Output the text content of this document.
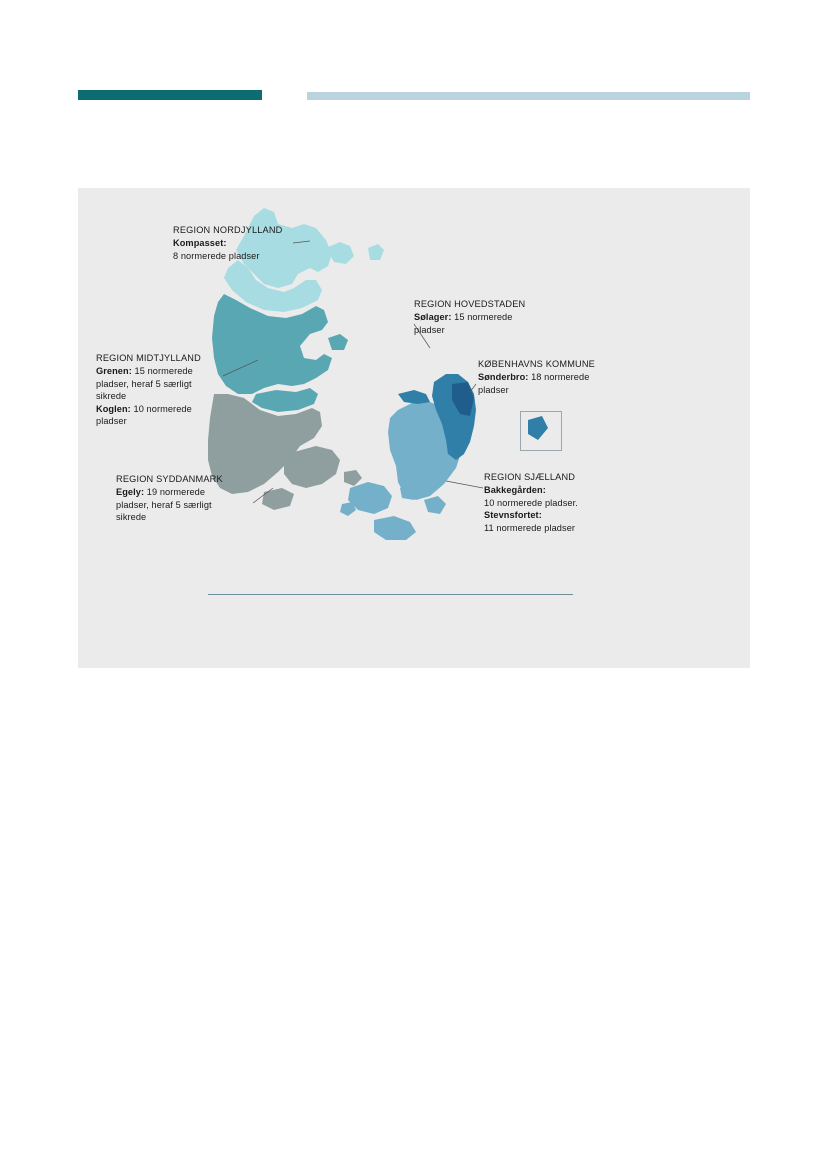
REGION NORDJYLLAND
Kompasset:
8 normerede pladser
REGION MIDTJYLLAND
Grenen: 15 normerede
pladser, heraf 5 særligt
sikrede
Koglen: 10 normerede
pladser
REGION SYDDANMARK
Egely: 19 normerede
pladser, heraf 5 særligt
sikrede
REGION HOVEDSTADEN
Sølager: 15 normerede
pladser
KØBENHAVNS KOMMUNE
Sønderbro: 18 normerede
pladser
REGION SJÆLLAND
Bakkegården:
10 normerede pladser.
Stevnsfortet:
11 normerede pladser
